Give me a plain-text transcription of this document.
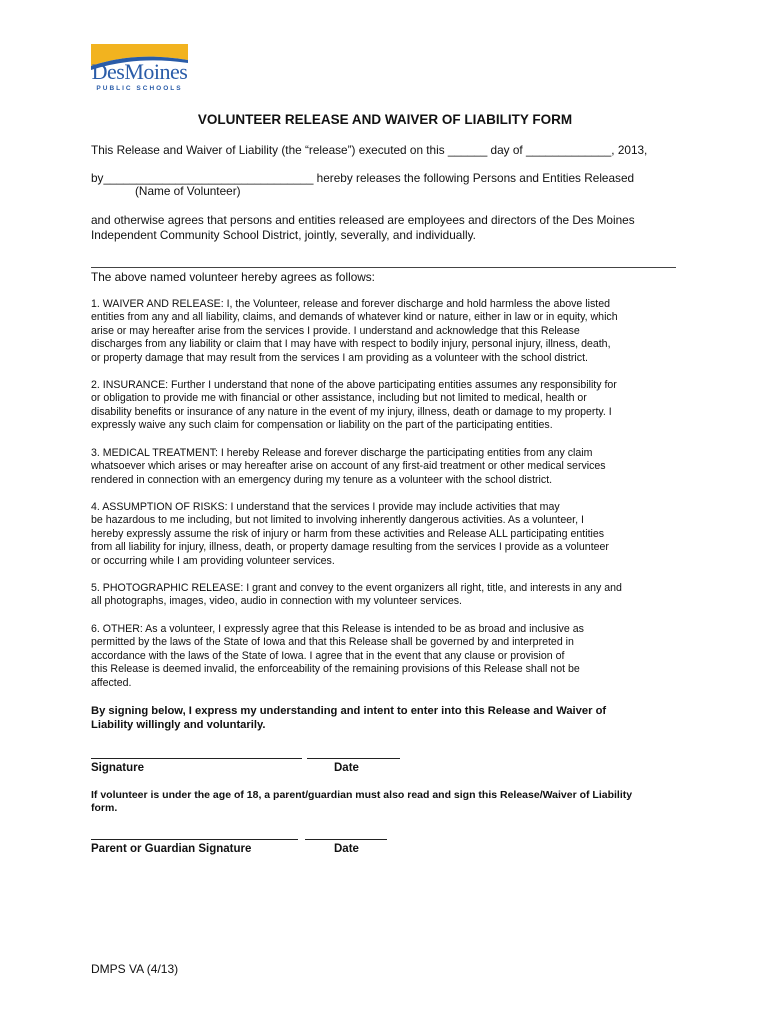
DesMoines
PUBLIC SCHOOLS
VOLUNTEER RELEASE AND WAIVER OF LIABILITY FORM
This Release and Waiver of Liability (the “release”) executed on this ______ day of _____________, 2013,
by________________________________ hereby releases the following Persons and Entities Released
(Name of Volunteer)
and otherwise agrees that persons and entities released are employees and directors of the Des Moines
Independent Community School District, jointly, severally, and individually.
The above named volunteer hereby agrees as follows:

1. WAIVER AND RELEASE: I, the Volunteer, release and forever discharge and hold harmless the above listed

entities from any and all liability, claims, and demands of whatever kind or nature, either in law or in equity, which

arise or may hereafter arise from the services I provide. I understand and acknowledge that this Release

discharges from any liability or claim that I may have with respect to bodily injury, personal injury, illness, death,

or property damage that may result from the services I am providing as a volunteer with the school district.

2. INSURANCE: Further I understand that none of the above participating entities assumes any responsibility for

or obligation to provide me with financial or other assistance, including but not limited to medical, health or

disability benefits or insurance of any nature in the event of my injury, illness, death or damage to my property. I

expressly waive any such claim for compensation or liability on the part of the participating entities.

3. MEDICAL TREATMENT: I hereby Release and forever discharge the participating entities from any claim

whatsoever which arises or may hereafter arise on account of any first-aid treatment or other medical services

rendered in connection with an emergency during my tenure as a volunteer with the school district.

4. ASSUMPTION OF RISKS: I understand that the services I provide may include activities that may

be hazardous to me including, but not limited to involving inherently dangerous activities. As a volunteer, I

hereby expressly assume the risk of injury or harm from these activities and Release ALL participating entities

from all liability for injury, illness, death, or property damage resulting from the services I provide as a volunteer

or occurring while I am providing volunteer services.

5. PHOTOGRAPHIC RELEASE: I grant and convey to the event organizers all right, title, and interests in any and

all photographs, images, video, audio in connection with my volunteer services.

6. OTHER: As a volunteer, I expressly agree that this Release is intended to be as broad and inclusive as

permitted by the laws of the State of Iowa and that this Release shall be governed by and interpreted in

accordance with the laws of the State of Iowa. I agree that in the event that any clause or provision of

this Release is deemed invalid, the enforceability of the remaining provisions of this Release shall not be

affected.

By signing below, I express my understanding and intent to enter into this Release and Waiver of

Liability willingly and voluntarily.

Signature	Date

If volunteer is under the age of 18, a parent/guardian must also read and sign this Release/Waiver of Liability

form.

Parent or Guardian Signature	Date
DMPS VA (4/13)
